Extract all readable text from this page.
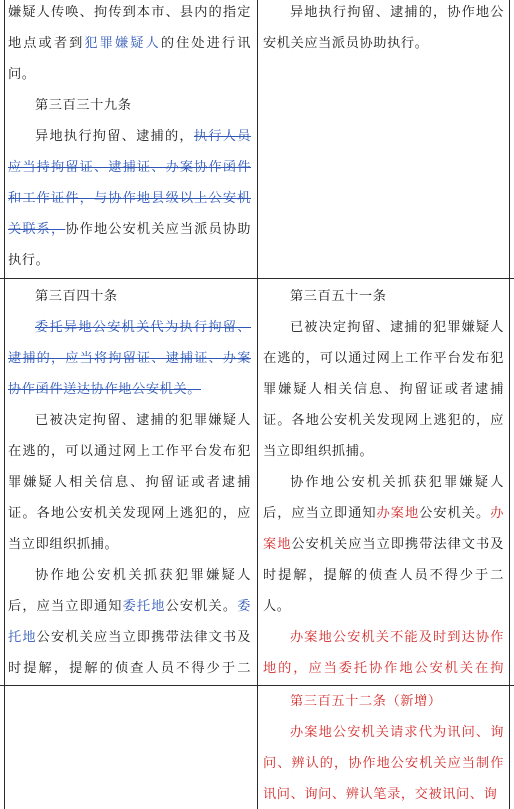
嫌疑人传唤、拘传到本市、县内的指定地点或者到犯罪嫌疑人的住处进行讯问。

第三百三十九条

异地执行拘留、逮捕的，执行人员应当持拘留证、逮捕证、办案协作函件和工作证件，与协作地县级以上公安机关联系，协作地公安机关应当派员协助执行。

异地执行拘留、逮捕的，协作地公安机关应当派员协助执行。

第三百四十条

委托异地公安机关代为执行拘留、逮捕的，应当将拘留证、逮捕证、办案协作函件送达协作地公安机关。

已被决定拘留、逮捕的犯罪嫌疑人在逃的，可以通过网上工作平台发布犯罪嫌疑人相关信息、拘留证或者逮捕证。各地公安机关发现网上逃犯的，应当立即组织抓捕。

协作地公安机关抓获犯罪嫌疑人后，应当立即通知委托地公安机关。委托地公安机关应当立即携带法律文书及时提解，提解的侦查人员不得少于二

第三百五十一条

已被决定拘留、逮捕的犯罪嫌疑人在逃的，可以通过网上工作平台发布犯罪嫌疑人相关信息、拘留证或者逮捕证。各地公安机关发现网上逃犯的，应当立即组织抓捕。

协作地公安机关抓获犯罪嫌疑人后，应当立即通知办案地公安机关。办案地公安机关应当立即携带法律文书及时提解，提解的侦查人员不得少于二人。

办案地公安机关不能及时到达协作地的，应当委托协作地公安机关在拘

第三百五十二条（新增）

办案地公安机关请求代为讯问、询问、辨认的，协作地公安机关应当制作讯问、询问、辨认笔录，交被讯问、询
